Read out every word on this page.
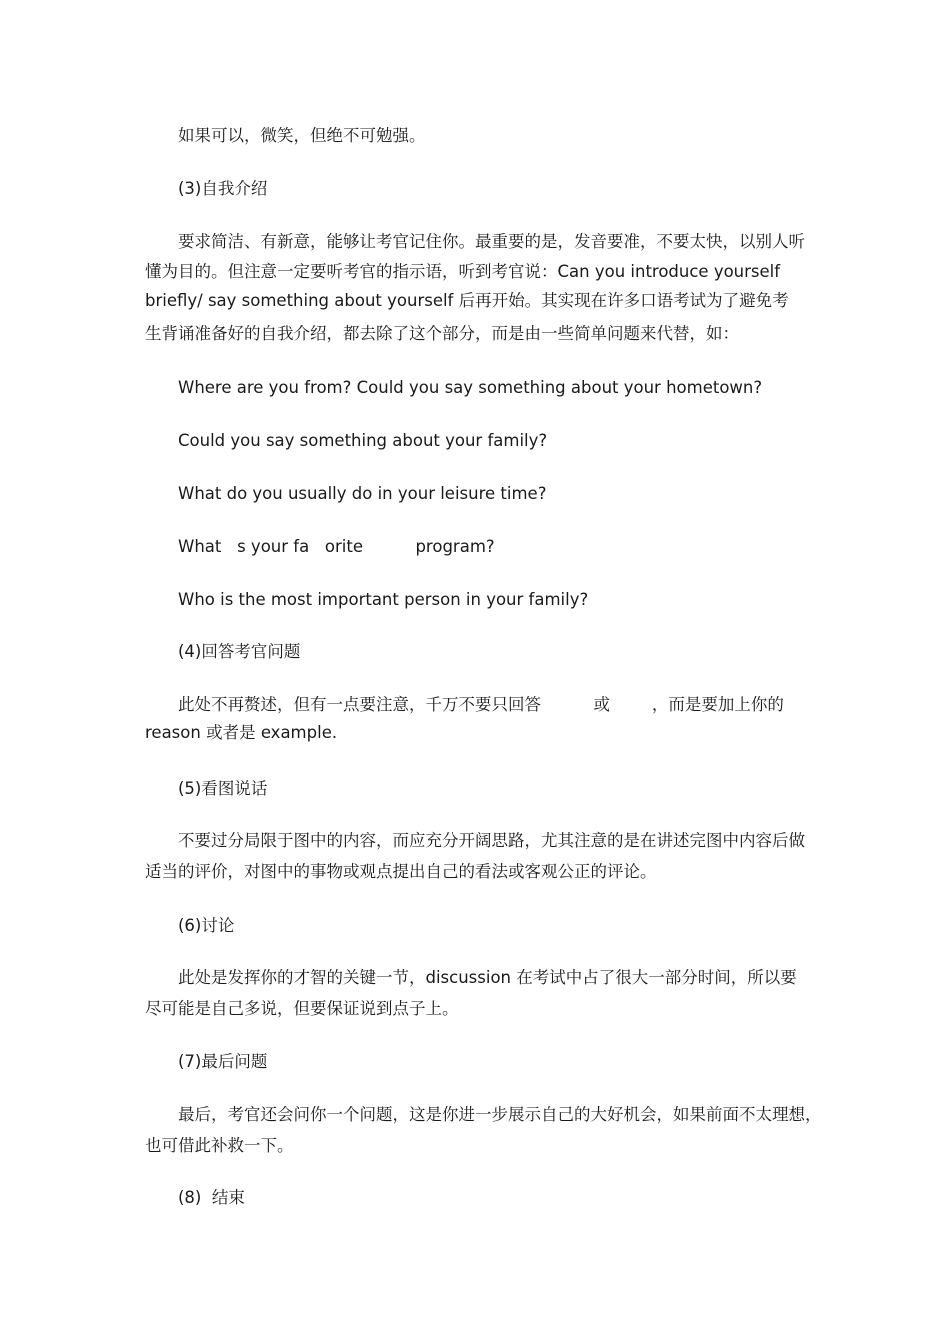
如果可以，微笑，但绝不可勉强。
(3)自我介绍
要求简洁、有新意，能够让考官记住你。最重要的是，发音要准，不要太快，以别人听
懂为目的。但注意一定要听考官的指示语，听到考官说：Can you introduce yourself
briefly/ say something about yourself 后再开始。其实现在许多口语考试为了避免考
生背诵准备好的自我介绍，都去除了这个部分，而是由一些简单问题来代替，如：
Where are you from? Could you say something about your hometown?
Could you say something about your family?
What do you usually do in your leisure time?
What   s your fa   orite          program?
Who is the most important person in your family?
(4)回答考官问题
此处不再赘述，但有一点要注意，千万不要只回答          或        ，而是要加上你的
reason 或者是 example.
(5)看图说话
不要过分局限于图中的内容，而应充分开阔思路，尤其注意的是在讲述完图中内容后做
适当的评价，对图中的事物或观点提出自己的看法或客观公正的评论。
(6)讨论
此处是发挥你的才智的关键一节，discussion 在考试中占了很大一部分时间，所以要
尽可能是自己多说，但要保证说到点子上。
(7)最后问题
最后，考官还会问你一个问题，这是你进一步展示自己的大好机会，如果前面不太理想，
也可借此补救一下。
(8)  结束
